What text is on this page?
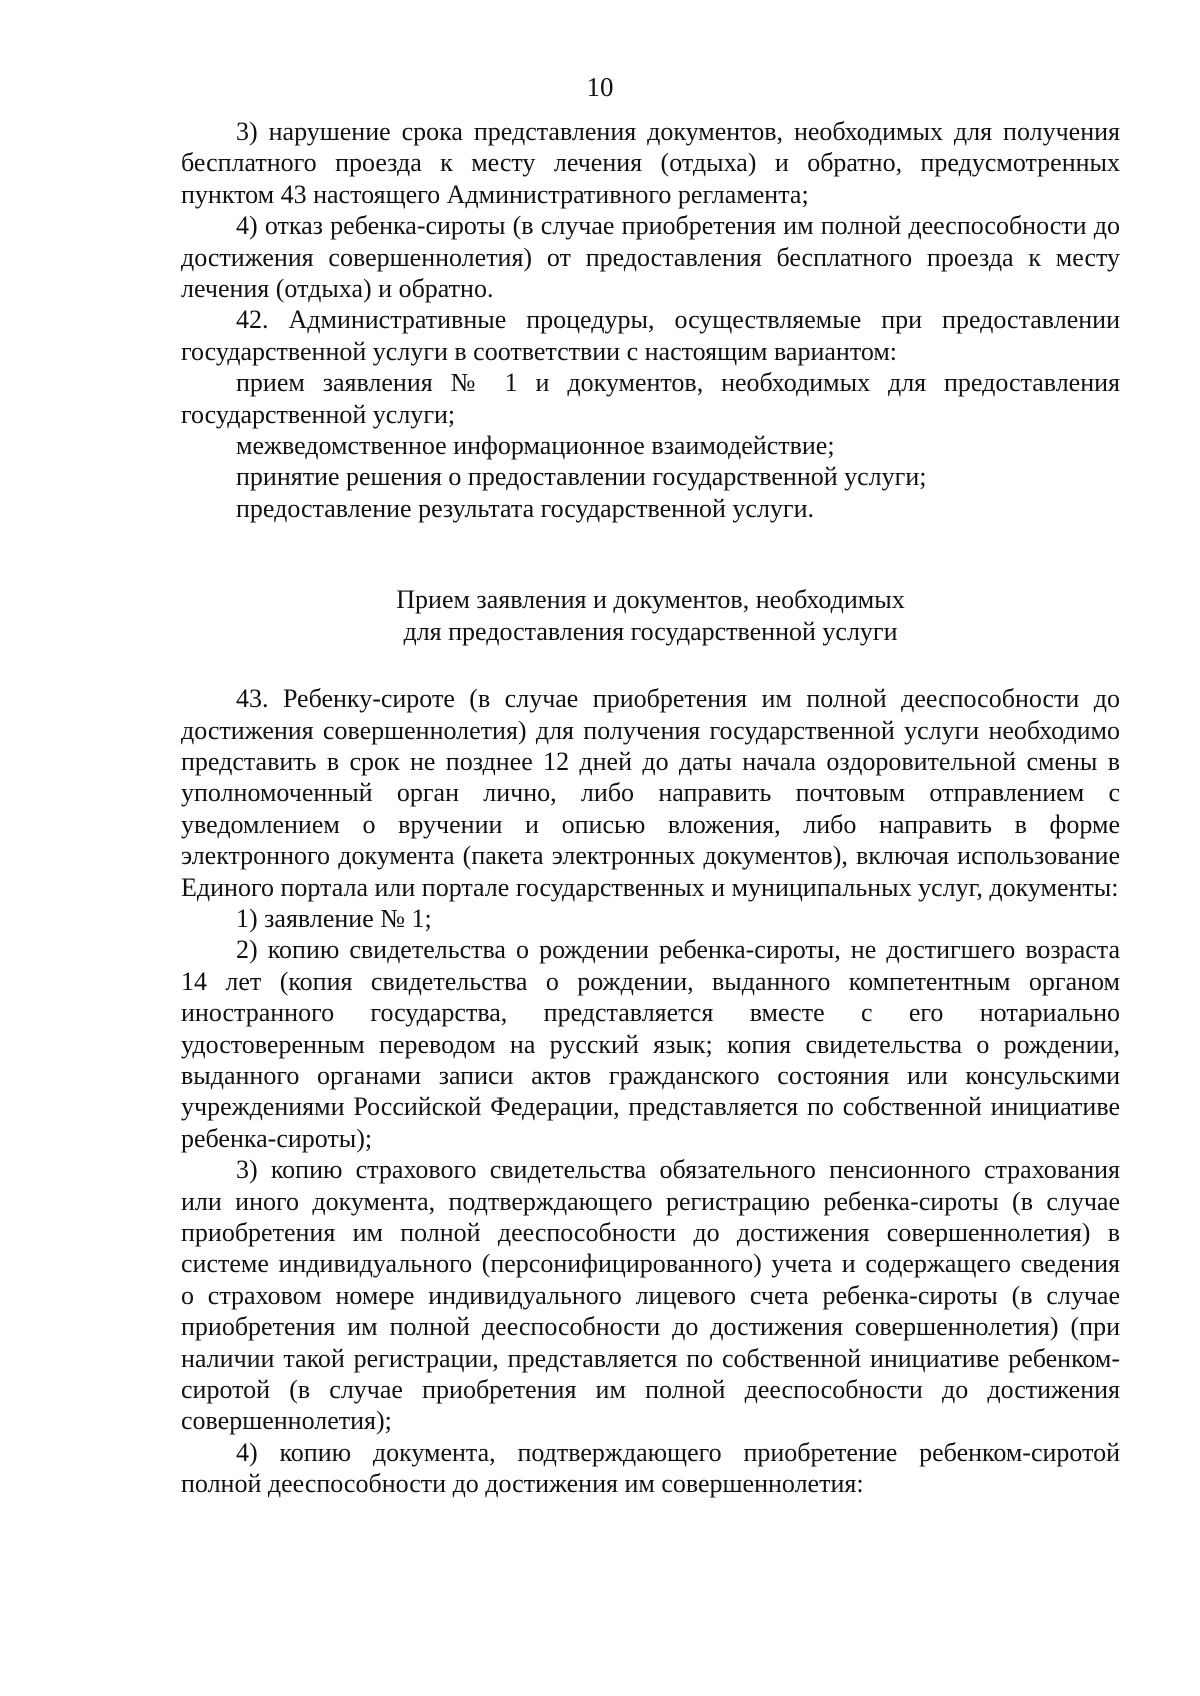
10

3) нарушение срока представления документов, необходимых для получения бесплатного проезда к месту лечения (отдыха) и обратно, предусмотренных пунктом 43 настоящего Административного регламента;

4) отказ ребенка-сироты (в случае приобретения им полной дееспособности до достижения совершеннолетия) от предоставления бесплатного проезда к месту лечения (отдыха) и обратно.

42. Административные процедуры, осуществляемые при предоставлении государственной услуги в соответствии с настоящим вариантом:

прием заявления № 1 и документов, необходимых для предоставления государственной услуги;

межведомственное информационное взаимодействие;

принятие решения о предоставлении государственной услуги;

предоставление результата государственной услуги.

Прием заявления и документов, необходимых
для предоставления государственной услуги

43. Ребенку-сироте (в случае приобретения им полной дееспособности до достижения совершеннолетия) для получения государственной услуги необходимо представить в срок не позднее 12 дней до даты начала оздоровительной смены в уполномоченный орган лично, либо направить почтовым отправлением с уведомлением о вручении и описью вложения, либо направить в форме электронного документа (пакета электронных документов), включая использование Единого портала или портале государственных и муниципальных услуг, документы:

1) заявление № 1;

2) копию свидетельства о рождении ребенка-сироты, не достигшего возраста 14 лет (копия свидетельства о рождении, выданного компетентным органом иностранного государства, представляется вместе с его нотариально удостоверенным переводом на русский язык; копия свидетельства о рождении, выданного органами записи актов гражданского состояния или консульскими учреждениями Российской Федерации, представляется по собственной инициативе ребенка-сироты);

3) копию страхового свидетельства обязательного пенсионного страхования или иного документа, подтверждающего регистрацию ребенка-сироты (в случае приобретения им полной дееспособности до достижения совершеннолетия) в системе индивидуального (персонифицированного) учета и содержащего сведения о страховом номере индивидуального лицевого счета ребенка-сироты (в случае приобретения им полной дееспособности до достижения совершеннолетия) (при наличии такой регистрации, представляется по собственной инициативе ребенком-сиротой (в случае приобретения им полной дееспособности до достижения совершеннолетия);

4) копию документа, подтверждающего приобретение ребенком-сиротой полной дееспособности до достижения им совершеннолетия:
